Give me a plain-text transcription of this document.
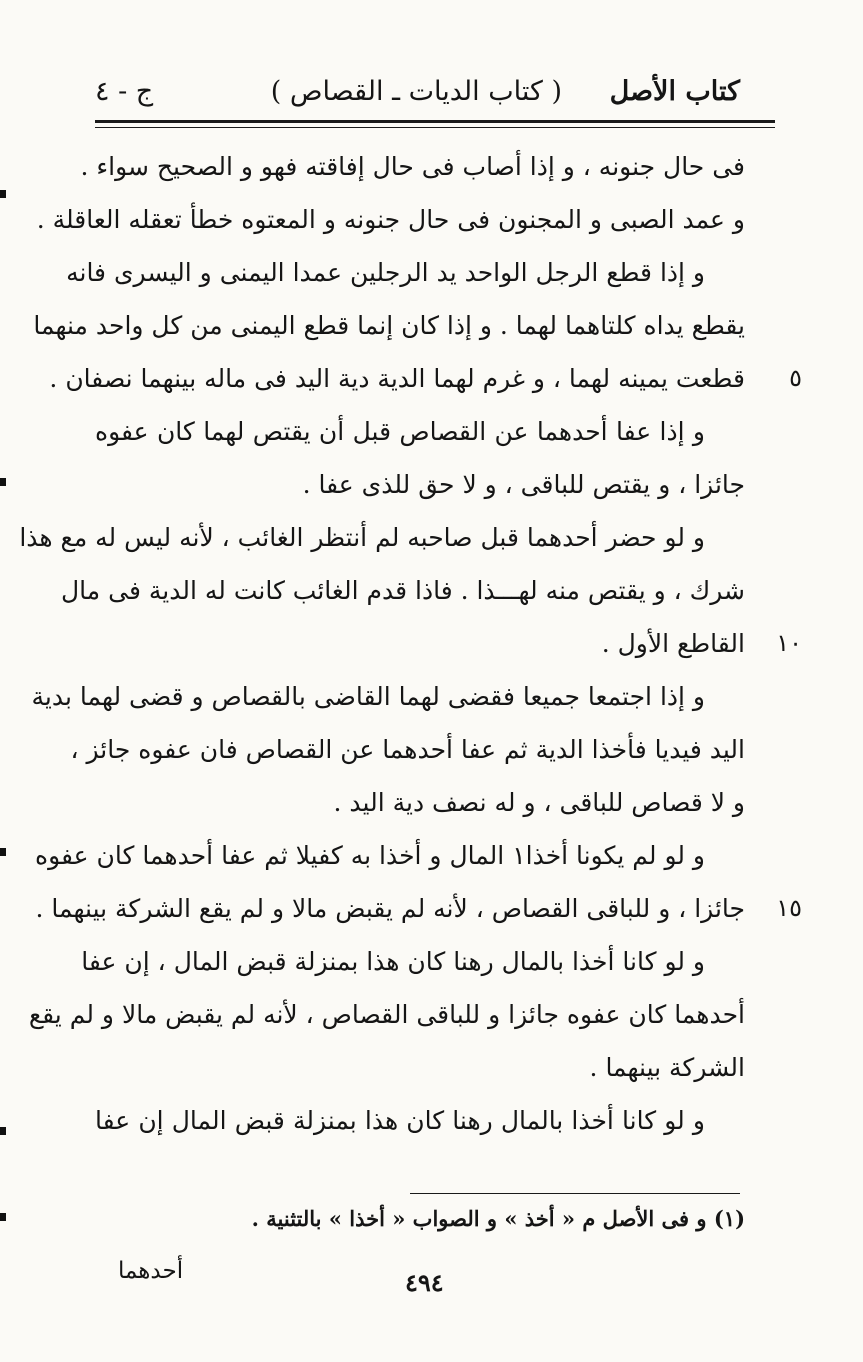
كتاب الأصل
( كتاب الديات ـ القصاص )
ج - ٤
فى حال جنونه ، و إذا أصاب فى حال إفاقته فهو و الصحيح سواء .
و عمد الصبى و المجنون فى حال جنونه و المعتوه خطأ تعقله العاقلة .
و إذا قطع الرجل الواحد يد الرجلين عمدا اليمنى و اليسرى فانه
يقطع يداه كلتاهما لهما . و إذا كان إنما قطع اليمنى من كل واحد منهما
قطعت يمينه لهما ، و غرم لهما الدية دية اليد فى ماله بينهما نصفان .
و إذا عفا أحدهما عن القصاص قبل أن يقتص لهما كان عفوه
جائزا ، و يقتص للباقى ، و لا حق للذى عفا .
و لو حضر أحدهما قبل صاحبه لم أنتظر الغائب ، لأنه ليس له مع هذا
شرك ، و يقتص منه لهـــذا . فاذا قدم الغائب كانت له الدية فى مال
القاطع الأول .
و إذا اجتمعا جميعا فقضى لهما القاضى بالقصاص و قضى لهما بدية
اليد فيديا فأخذا الدية ثم عفا أحدهما عن القصاص فان عفوه جائز ،
و لا قصاص للباقى ، و له نصف دية اليد .
و لو لم يكونا أخذا١ المال و أخذا به كفيلا ثم عفا أحدهما كان عفوه
جائزا ، و للباقى القصاص ، لأنه لم يقبض مالا و لم يقع الشركة بينهما .
و لو كانا أخذا بالمال رهنا كان هذا بمنزلة قبض المال ، إن عفا
أحدهما كان عفوه جائزا و للباقى القصاص ، لأنه لم يقبض مالا و لم يقع
الشركة بينهما .
و لو كانا أخذا بالمال رهنا كان هذا بمنزلة قبض المال إن عفا
٥
١٠
١٥
(١) و فى الأصل م « أخذ » و الصواب « أخذا » بالتثنية .
٤٩٤
أحدهما
